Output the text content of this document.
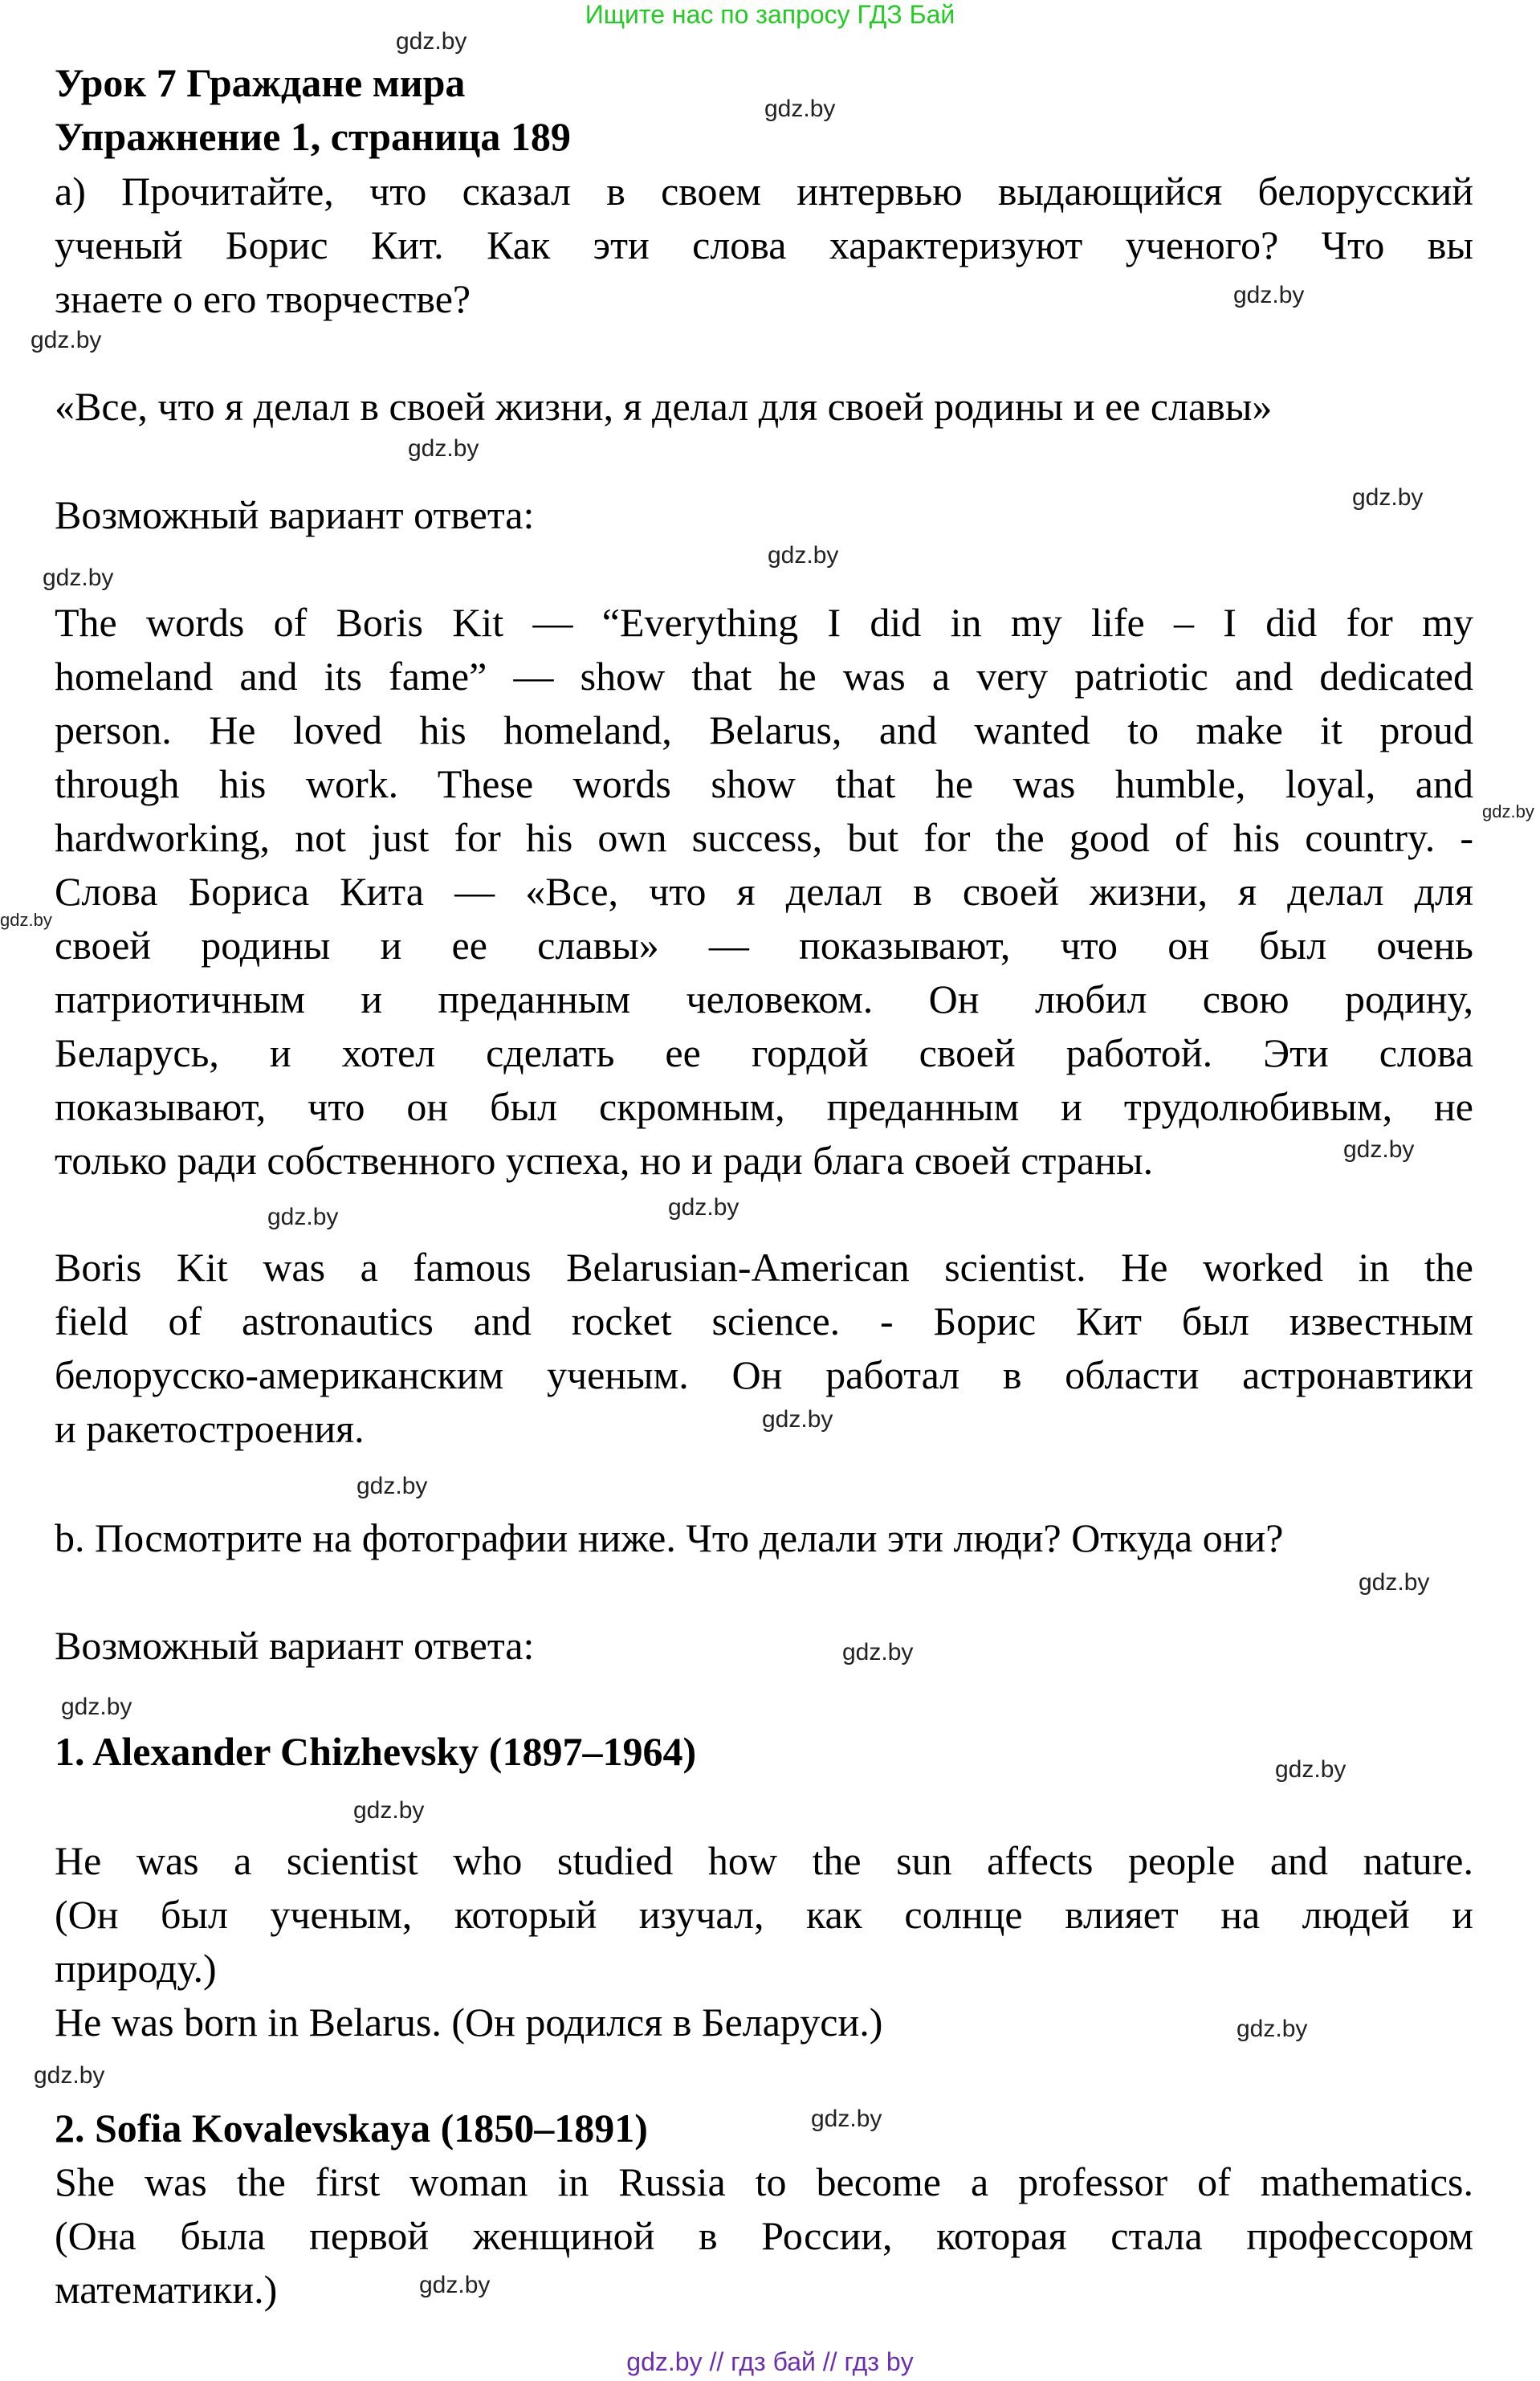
Ищите нас по запросу ГДЗ Бай
Урок 7 Граждане мира
Упражнение 1, страница 189
а) Прочитайте, что сказал в своем интервью выдающийся белорусский
ученый Борис Кит. Как эти слова характеризуют ученого? Что вы
знаете о его творчестве?
«Все, что я делал в своей жизни, я делал для своей родины и ее славы»
Возможный вариант ответа:
The words of Boris Kit — “Everything I did in my life – I did for my
homeland and its fame” — show that he was a very patriotic and dedicated
person. He loved his homeland, Belarus, and wanted to make it proud
through his work. These words show that he was humble, loyal, and
hardworking, not just for his own success, but for the good of his country. -
Слова Бориса Кита — «Все, что я делал в своей жизни, я делал для
своей родины и ее славы» — показывают, что он был очень
патриотичным и преданным человеком. Он любил свою родину,
Беларусь, и хотел сделать ее гордой своей работой. Эти слова
показывают, что он был скромным, преданным и трудолюбивым, не
только ради собственного успеха, но и ради блага своей страны.
Boris Kit was a famous Belarusian-American scientist. He worked in the
field of astronautics and rocket science. - Борис Кит был известным
белорусско-американским ученым. Он работал в области астронавтики
и ракетостроения.
b. Посмотрите на фотографии ниже. Что делали эти люди? Откуда они?
Возможный вариант ответа:
1. Alexander Chizhevsky (1897–1964)
He was a scientist who studied how the sun affects people and nature.
(Он был ученым, который изучал, как солнце влияет на людей и
природу.)
He was born in Belarus. (Он родился в Беларуси.)
2. Sofia Kovalevskaya (1850–1891)
She was the first woman in Russia to become a professor of mathematics.
(Она была первой женщиной в России, которая стала профессором
математики.)
gdz.by
gdz.by
gdz.by
gdz.by
gdz.by
gdz.by
gdz.by
gdz.by
gdz.by
gdz.by
gdz.by
gdz.by
gdz.by
gdz.by
gdz.by
gdz.by
gdz.by
gdz.by
gdz.by
gdz.by
gdz.by
gdz.by
gdz.by
gdz.by
gdz.by // гдз бай // гдз by
